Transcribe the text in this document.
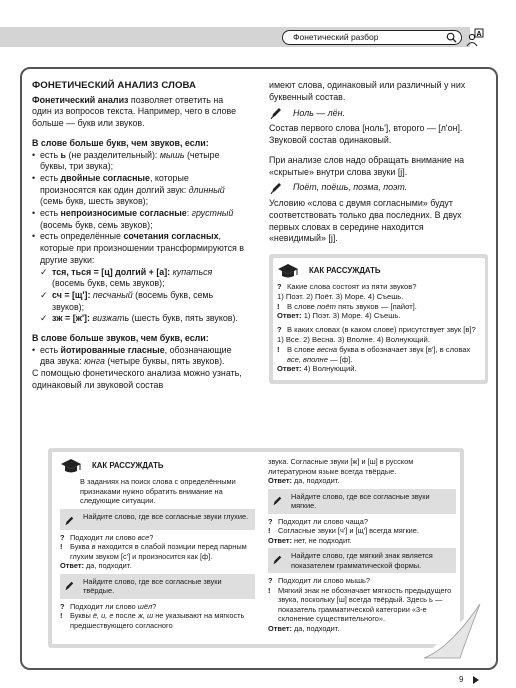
Фонетический разбор	A
ФОНЕТИЧЕСКИЙ АНАЛИЗ СЛОВА
Фонетический анализ позволяет ответить на один из вопросов текста. Например, чего в слове больше — букв или звуков.
В слове больше букв, чем звуков, если:
• есть ь (не разделительный): мышь (четыре буквы, три звука);
• есть двойные согласные, которые произносятся как один долгий звук: длинный (семь букв, шесть звуков);
• есть непроизносимые согласные: грустный (восемь букв, семь звуков);
• есть определённые сочетания согласных, которые при произношении трансформируются в другие звуки:
✓ тся, ться = [ц] долгий + [а]: купаться (восемь букв, семь звуков);
✓ сч = [щ']: песчаный (восемь букв, семь звуков);
✓ зж = [ж']: визжать (шесть букв, пять звуков).
В слове больше звуков, чем букв, если:
• есть йотированные гласные, обозначающие два звука: юнга (четыре буквы, пять звуков).
С помощью фонетического анализа можно узнать, одинаковый ли звуковой состав
имеют слова, одинаковый или различный у них буквенный состав.
Ноль — лён.
Состав первого слова [ноль'], второго — [л'он]. Звуковой состав одинаковый.
При анализе слов надо обращать внимание на «скрытые» внутри слова звуки [j].
Поёт, поёшь, поэма, поэт.
Условию «слова с двумя согласными» будут соответствовать только два последних. В двух первых словах в середине находится «невидимый» [j].
КАК РАССУЖДАТЬ
? Какие слова состоят из пяти звуков?
1) Поэт. 2) Поёт. 3) Море. 4) Съешь.
! В слове поёт пять звуков — [пайот].
Ответ: 1) Поэт. 3) Море. 4) Съешь.
? В каких словах (в каком слове) присутствует звук [в]?
1) Все. 2) Весна. 3) Вполне. 4) Волнующий.
! В слове весна буква в обозначает звук [в'], в словах все, вполне — [ф].
Ответ: 4) Волнующий.
КАК РАССУЖДАТЬ
В заданиях на поиск слова с определёнными признаками нужно обратить внимание на следующие ситуации.
Найдите слово, где все согласные звуки глухие.
? Подходит ли слово все?
!	Буква в находится в слабой позиции перед парным глухим звуком [с'] и произносится как [ф].
Ответ: да, подходит.
Найдите слово, где все согласные звуки твёрдые.
? Подходит ли слово шёл?
!	Буквы ё, и, е после ж, ш не указывают на мягкость предшествующего согласного
звука. Согласные звуки [ж] и [ш] в русском литературном языке всегда твёрдые.
Ответ: да, подходит.
Найдите слово, где все согласные звуки мягкие.
? Подходит ли слово чаща?
!	Согласные звуки [ч'] и [щ'] всегда мягкие.
Ответ: нет, не подходит.
Найдите слово, где мягкий знак является показателем грамматической формы.
? Подходит ли слово мышь?
!	Мягкий знак не обозначает мягкость предыдущего звука, поскольку [ш] всегда твёрдый. Здесь ь — показатель грамматической категории «3-е склонение существительного».
Ответ: да, подходит.
9
